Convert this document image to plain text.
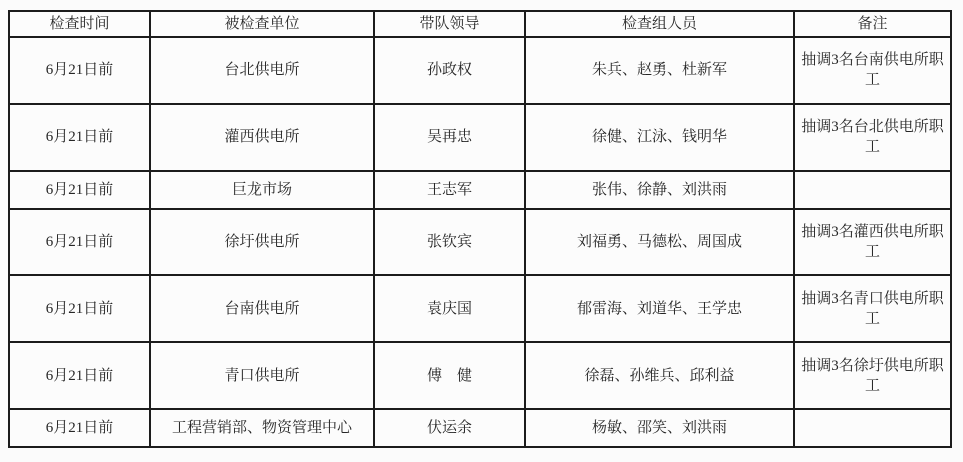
检查时间	被检查单位	带队领导	检查组人员	备注
6月21日前	台北供电所	孙政权	朱兵、赵勇、杜新军	抽调3名台南供电所职工
6月21日前	灌西供电所	吴再忠	徐健、江泳、钱明华	抽调3名台北供电所职工
6月21日前	巨龙市场	王志军	张伟、徐静、刘洪雨	
6月21日前	徐圩供电所	张钦宾	刘福勇、马德松、周国成	抽调3名灌西供电所职工
6月21日前	台南供电所	袁庆国	郁雷海、刘道华、王学忠	抽调3名青口供电所职工
6月21日前	青口供电所	傅　健	徐磊、孙维兵、邱利益	抽调3名徐圩供电所职工
6月21日前	工程营销部、物资管理中心	伏运余	杨敏、邵笑、刘洪雨	
